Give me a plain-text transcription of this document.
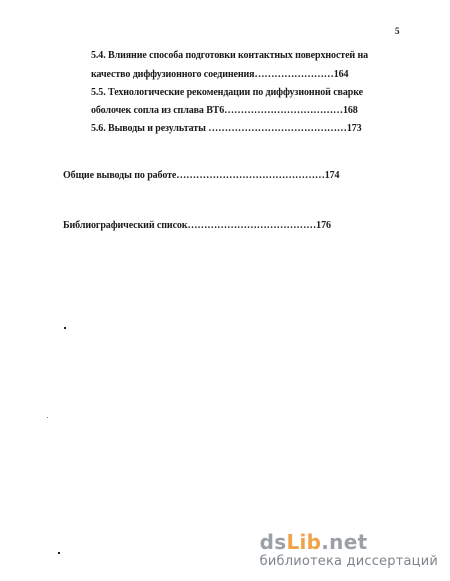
5
5.4. Влияние способа подготовки контактных поверхностей на
качество диффузионного соединения……………………164
5.5. Технологические рекомендации по диффузионной сварке
оболочек сопла из сплава ВТ6………………………………168
5.6. Выводы и результаты ……………………………………173
Общие выводы по работе………………………………………174
Библиографический список…………………………………176
ds Lib .net
библиотека диссертаций
